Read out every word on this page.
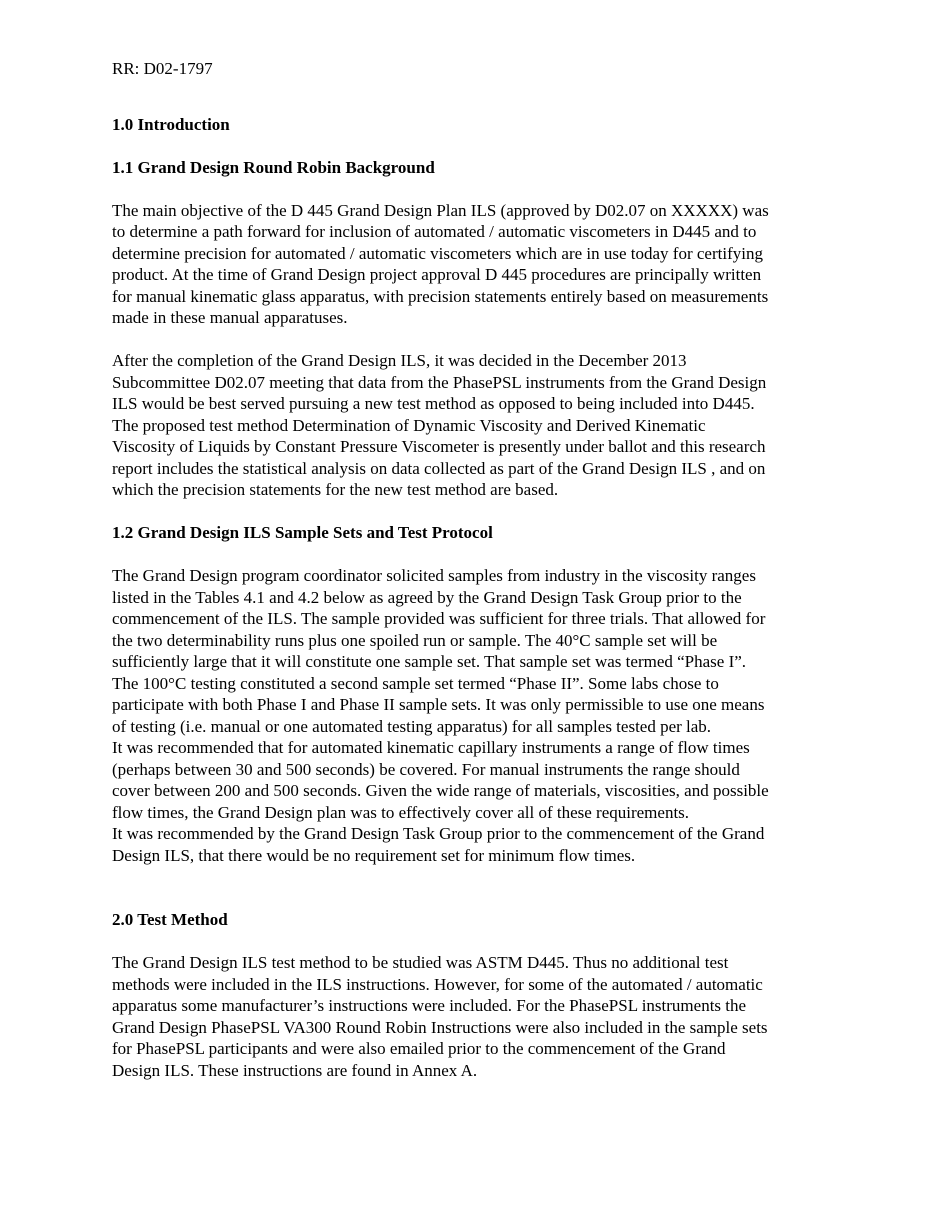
RR: D02-1797
1.0 Introduction
1.1 Grand Design Round Robin Background
The main objective of the D 445 Grand Design Plan ILS (approved by D02.07 on XXXXX) was
to determine a path forward for inclusion of automated / automatic viscometers in D445 and to
determine precision for automated / automatic viscometers which are in use today for certifying
product. At the time of Grand Design project approval D 445 procedures are principally written
for manual kinematic glass apparatus, with precision statements entirely based on measurements
made in these manual apparatuses.
After the completion of the Grand Design ILS, it was decided in the December 2013
Subcommittee D02.07 meeting that data from the PhasePSL instruments from the Grand Design
ILS would be best served pursuing a new test method as opposed to being included into D445.
The proposed test method Determination of Dynamic Viscosity and Derived Kinematic
Viscosity of Liquids by Constant Pressure Viscometer is presently under ballot and this research
report includes the statistical analysis on data collected as part of the Grand Design ILS , and on
which the precision statements for the new test method are based.
1.2 Grand Design ILS Sample Sets and Test Protocol
The Grand Design program coordinator solicited samples from industry in the viscosity ranges
listed in the Tables 4.1 and 4.2 below as agreed by the Grand Design Task Group prior to the
commencement of the ILS. The sample provided was sufficient for three trials. That allowed for
the two determinability runs plus one spoiled run or sample. The 40°C sample set will be
sufficiently large that it will constitute one sample set. That sample set was termed “Phase I”.
The 100°C testing constituted a second sample set termed “Phase II”. Some labs chose to
participate with both Phase I and Phase II sample sets. It was only permissible to use one means
of testing (i.e. manual or one automated testing apparatus) for all samples tested per lab.
It was recommended that for automated kinematic capillary instruments a range of flow times
(perhaps between 30 and 500 seconds) be covered. For manual instruments the range should
cover between 200 and 500 seconds. Given the wide range of materials, viscosities, and possible
flow times, the Grand Design plan was to effectively cover all of these requirements.
It was recommended by the Grand Design Task Group prior to the commencement of the Grand
Design ILS, that there would be no requirement set for minimum flow times.
2.0 Test Method
The Grand Design ILS test method to be studied was ASTM D445. Thus no additional test
methods were included in the ILS instructions. However, for some of the automated / automatic
apparatus some manufacturer’s instructions were included. For the PhasePSL instruments the
Grand Design PhasePSL VA300 Round Robin Instructions were also included in the sample sets
for PhasePSL participants and were also emailed prior to the commencement of the Grand
Design ILS. These instructions are found in Annex A.
